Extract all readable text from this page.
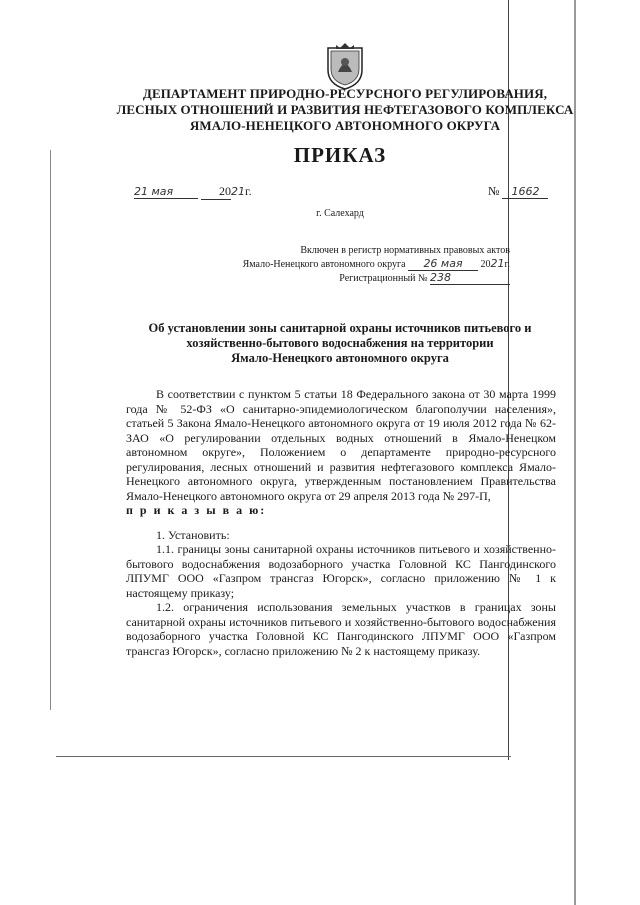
ДЕПАРТАМЕНТ ПРИРОДНО-РЕСУРСНОГО РЕГУЛИРОВАНИЯ,
ЛЕСНЫХ ОТНОШЕНИЙ И РАЗВИТИЯ НЕФТЕГАЗОВОГО КОМПЛЕКСА
ЯМАЛО-НЕНЕЦКОГО АВТОНОМНОГО ОКРУГА
ПРИКАЗ
21 мая	2021г.	№ 1662
г. Салехард
Включен в регистр нормативных правовых актов
Ямало-Ненецкого автономного округа 26 мая 2021г.
Регистрационный № 238
Об установлении зоны санитарной охраны источников питьевого и
хозяйственно-бытового водоснабжения на территории
Ямало-Ненецкого автономного округа

В соответствии с пунктом 5 статьи 18 Федерального закона от 30 марта 1999 года № 52-ФЗ «О санитарно-эпидемиологическом благополучии населения», статьей 5 Закона Ямало-Ненецкого автономного округа от 19 июля 2012 года № 62-ЗАО «О регулировании отдельных водных отношений в Ямало-Ненецком автономном округе», Положением о департаменте природно-ресурсного регулирования, лесных отношений и развития нефтегазового комплекса Ямало-Ненецкого автономного округа, утвержденным постановлением Правительства Ямало-Ненецкого автономного округа от 29 апреля 2013 года № 297-П,
п р и к а з ы в а ю:

1. Установить:

1.1. границы зоны санитарной охраны источников питьевого и хозяйственно-бытового водоснабжения водозаборного участка Головной КС Пангодинского ЛПУМГ ООО «Газпром трансгаз Югорск», согласно приложению № 1 к настоящему приказу;

1.2. ограничения использования земельных участков в границах зоны санитарной охраны источников питьевого и хозяйственно-бытового водоснабжения водозаборного участка Головной КС Пангодинского ЛПУМГ ООО «Газпром трансгаз Югорск», согласно приложению № 2 к настоящему приказу.
